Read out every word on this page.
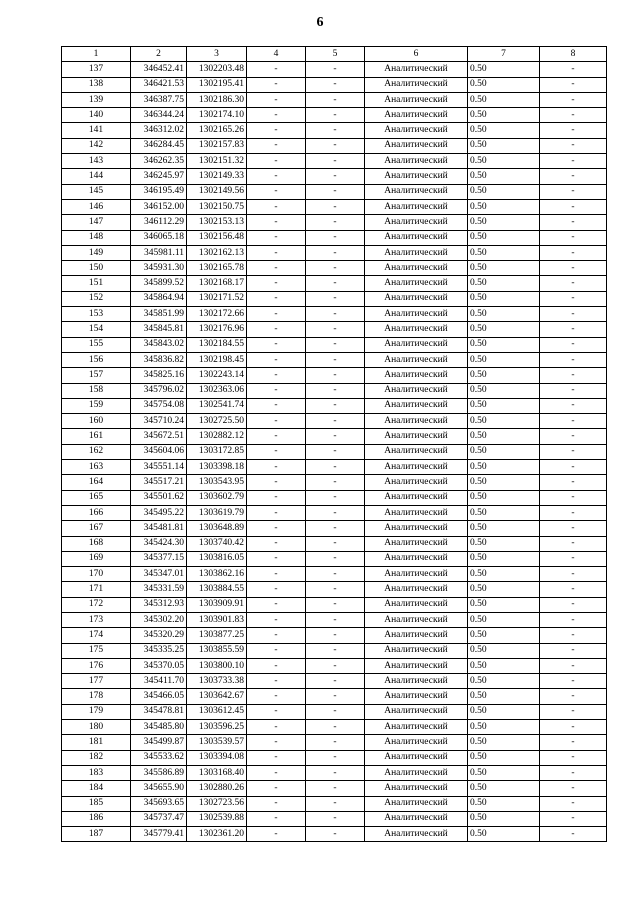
6
1	2	3	4	5	6	7	8
137	346452.41	1302203.48	-	-	Аналитический	0.50	-
138	346421.53	1302195.41	-	-	Аналитический	0.50	-
139	346387.75	1302186.30	-	-	Аналитический	0.50	-
140	346344.24	1302174.10	-	-	Аналитический	0.50	-
141	346312.02	1302165.26	-	-	Аналитический	0.50	-
142	346284.45	1302157.83	-	-	Аналитический	0.50	-
143	346262.35	1302151.32	-	-	Аналитический	0.50	-
144	346245.97	1302149.33	-	-	Аналитический	0.50	-
145	346195.49	1302149.56	-	-	Аналитический	0.50	-
146	346152.00	1302150.75	-	-	Аналитический	0.50	-
147	346112.29	1302153.13	-	-	Аналитический	0.50	-
148	346065.18	1302156.48	-	-	Аналитический	0.50	-
149	345981.11	1302162.13	-	-	Аналитический	0.50	-
150	345931.30	1302165.78	-	-	Аналитический	0.50	-
151	345899.52	1302168.17	-	-	Аналитический	0.50	-
152	345864.94	1302171.52	-	-	Аналитический	0.50	-
153	345851.99	1302172.66	-	-	Аналитический	0.50	-
154	345845.81	1302176.96	-	-	Аналитический	0.50	-
155	345843.02	1302184.55	-	-	Аналитический	0.50	-
156	345836.82	1302198.45	-	-	Аналитический	0.50	-
157	345825.16	1302243.14	-	-	Аналитический	0.50	-
158	345796.02	1302363.06	-	-	Аналитический	0.50	-
159	345754.08	1302541.74	-	-	Аналитический	0.50	-
160	345710.24	1302725.50	-	-	Аналитический	0.50	-
161	345672.51	1302882.12	-	-	Аналитический	0.50	-
162	345604.06	1303172.85	-	-	Аналитический	0.50	-
163	345551.14	1303398.18	-	-	Аналитический	0.50	-
164	345517.21	1303543.95	-	-	Аналитический	0.50	-
165	345501.62	1303602.79	-	-	Аналитический	0.50	-
166	345495.22	1303619.79	-	-	Аналитический	0.50	-
167	345481.81	1303648.89	-	-	Аналитический	0.50	-
168	345424.30	1303740.42	-	-	Аналитический	0.50	-
169	345377.15	1303816.05	-	-	Аналитический	0.50	-
170	345347.01	1303862.16	-	-	Аналитический	0.50	-
171	345331.59	1303884.55	-	-	Аналитический	0.50	-
172	345312.93	1303909.91	-	-	Аналитический	0.50	-
173	345302.20	1303901.83	-	-	Аналитический	0.50	-
174	345320.29	1303877.25	-	-	Аналитический	0.50	-
175	345335.25	1303855.59	-	-	Аналитический	0.50	-
176	345370.05	1303800.10	-	-	Аналитический	0.50	-
177	345411.70	1303733.38	-	-	Аналитический	0.50	-
178	345466.05	1303642.67	-	-	Аналитический	0.50	-
179	345478.81	1303612.45	-	-	Аналитический	0.50	-
180	345485.80	1303596.25	-	-	Аналитический	0.50	-
181	345499.87	1303539.57	-	-	Аналитический	0.50	-
182	345533.62	1303394.08	-	-	Аналитический	0.50	-
183	345586.89	1303168.40	-	-	Аналитический	0.50	-
184	345655.90	1302880.26	-	-	Аналитический	0.50	-
185	345693.65	1302723.56	-	-	Аналитический	0.50	-
186	345737.47	1302539.88	-	-	Аналитический	0.50	-
187	345779.41	1302361.20	-	-	Аналитический	0.50	-
